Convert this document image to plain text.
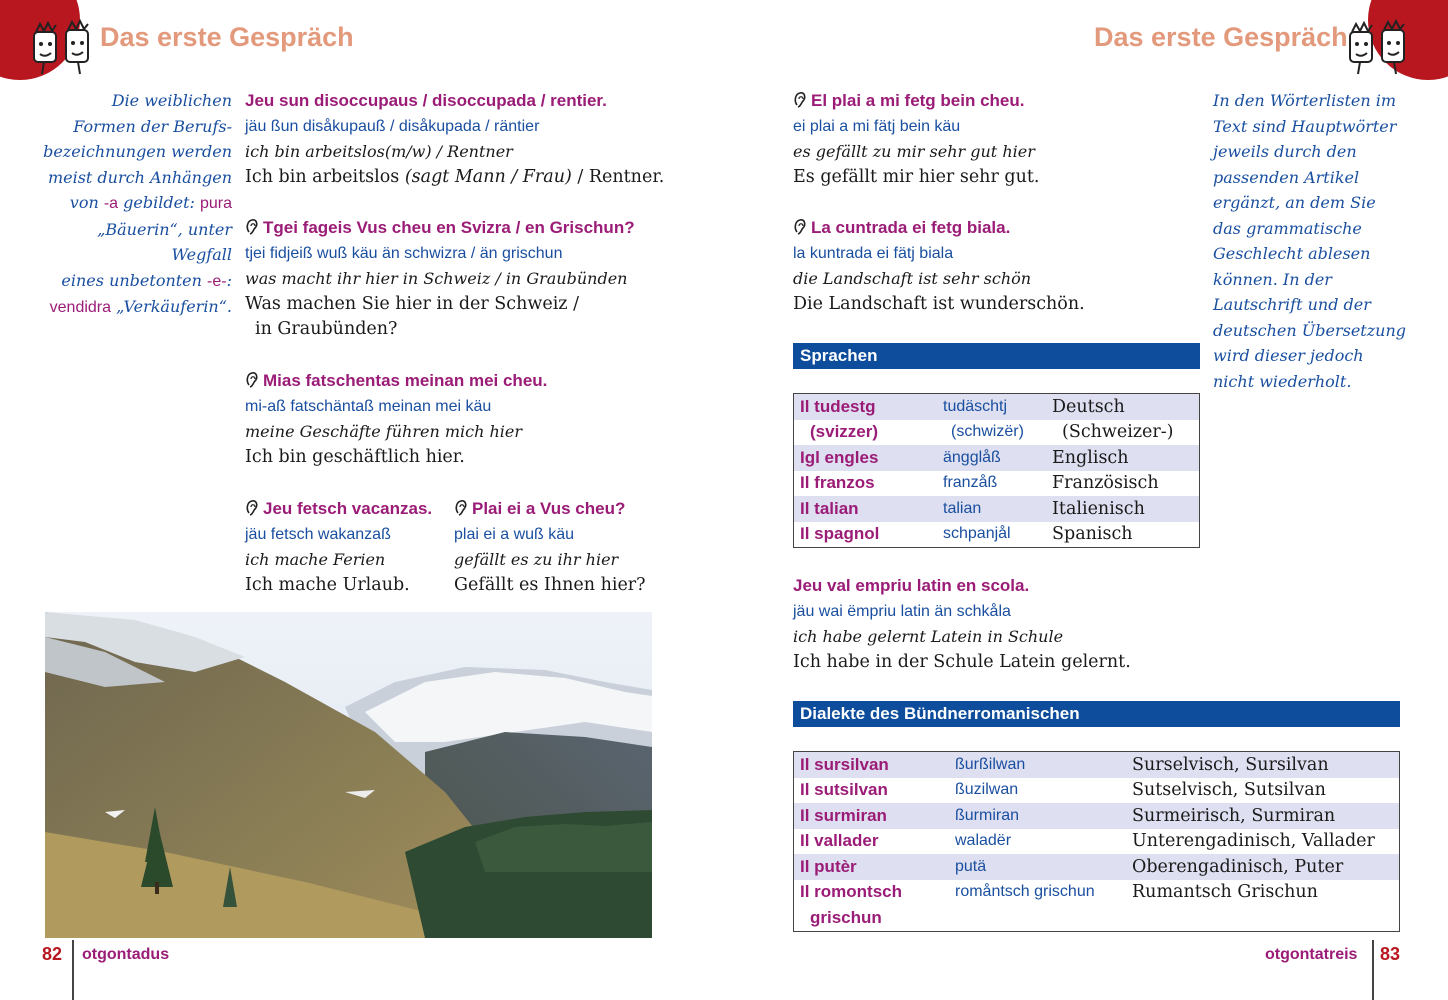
Das erste Gespräch
Die weiblichen
Formen der Berufs-
bezeichnungen werden
meist durch Anhängen
von -a gebildet: pura
„Bäuerin“, unter Wegfall
eines unbetonten -e-:
vendidra „Verkäuferin“.
Jeu sun disoccupaus / disoccupada / rentier.
jäu ßun disåkupauß / disåkupada / räntier
ich bin arbeitslos(m/w) / Rentner
Ich bin arbeitslos (sagt Mann / Frau) / Rentner.
Tgei fageis Vus cheu en Svizra / en Grischun?
tjei fidjeiß wuß käu än schwizra / än grischun
was macht ihr hier in Schweiz / in Graubünden
Was machen Sie hier in der Schweiz /
in Graubünden?
Mias fatschentas meinan mei cheu.
mi-aß fatschäntaß meinan mei käu
meine Geschäfte führen mich hier
Ich bin geschäftlich hier.
Jeu fetsch vacanzas.
jäu fetsch wakanzaß
ich mache Ferien
Ich mache Urlaub.
Plai ei a Vus cheu?
plai ei a wuß käu
gefällt es zu ihr hier
Gefällt es Ihnen hier?
82 otgontadus
Das erste Gespräch
El plai a mi fetg bein cheu.
ei plai a mi fätj bein käu
es gefällt zu mir sehr gut hier
Es gefällt mir hier sehr gut.
La cuntrada ei fetg biala.
la kuntrada ei fätj biala
die Landschaft ist sehr schön
Die Landschaft ist wunderschön.
In den Wörterlisten im
Text sind Hauptwörter
jeweils durch den
passenden Artikel
ergänzt, an dem Sie
das grammatische
Geschlecht ablesen
können. In der
Lautschrift und der
deutschen Übersetzung
wird dieser jedoch
nicht wiederholt.
Sprachen
Il tudestg	tudäschtj	Deutsch
(svizzer)	(schwizër)	(Schweizer-)
Igl engles	ängglåß	Englisch
Il franzos	franzåß	Französisch
Il talian	talian	Italienisch
Il spagnol	schpanjål	Spanisch
Jeu val empriu latin en scola.
jäu wai ëmpriu latin än schkåla
ich habe gelernt Latein in Schule
Ich habe in der Schule Latein gelernt.
Dialekte des Bündnerromanischen
Il sursilvan	ßurßilwan	Surselvisch, Sursilvan
Il sutsilvan	ßuzilwan	Sutselvisch, Sutsilvan
Il surmiran	ßurmiran	Surmeirisch, Surmiran
Il vallader	waladër	Unterengadinisch, Vallader
Il putèr	putä	Oberengadinisch, Puter
Il romontsch	romåntsch grischun	Rumantsch Grischun
grischun		
otgontatreis 83
